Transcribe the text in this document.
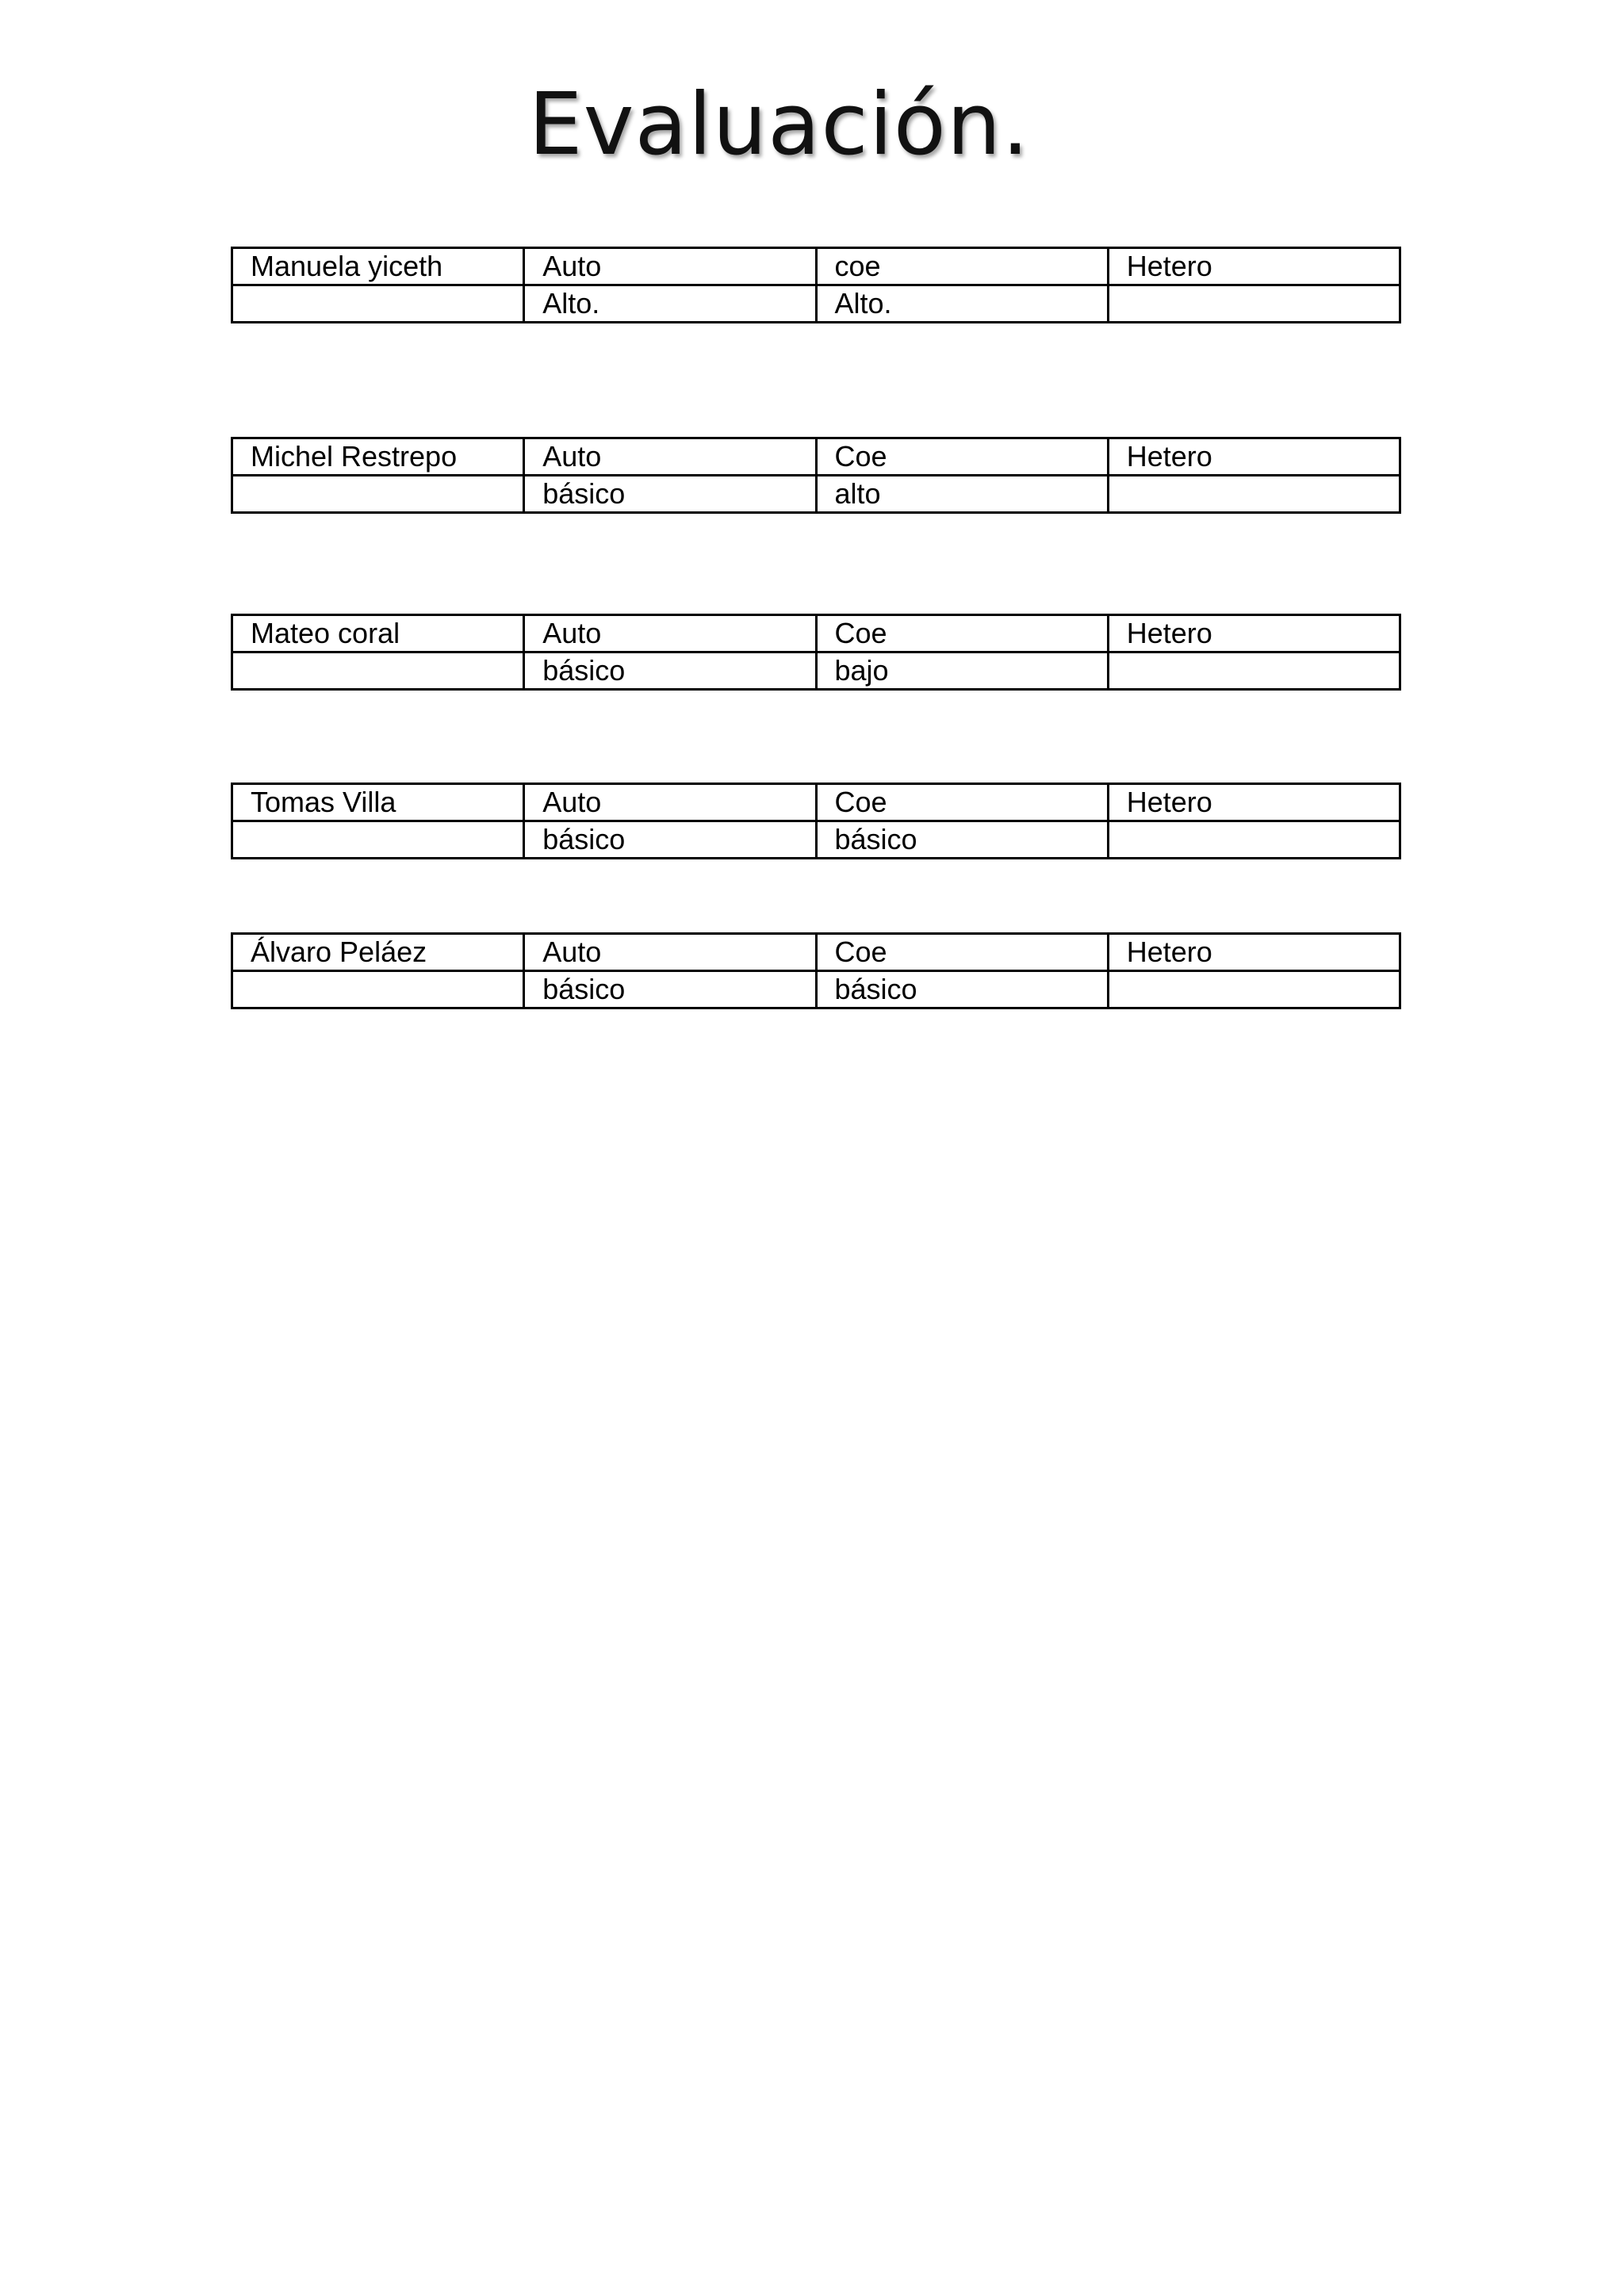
Evaluación.
Manuela yiceth	Auto	coe	Hetero
	Alto.	Alto.	
Michel Restrepo	Auto	Coe	Hetero
	básico	alto	
Mateo coral	Auto	Coe	Hetero
	básico	bajo	
Tomas Villa	Auto	Coe	Hetero
	básico	básico	
Álvaro Peláez	Auto	Coe	Hetero
	básico	básico	
